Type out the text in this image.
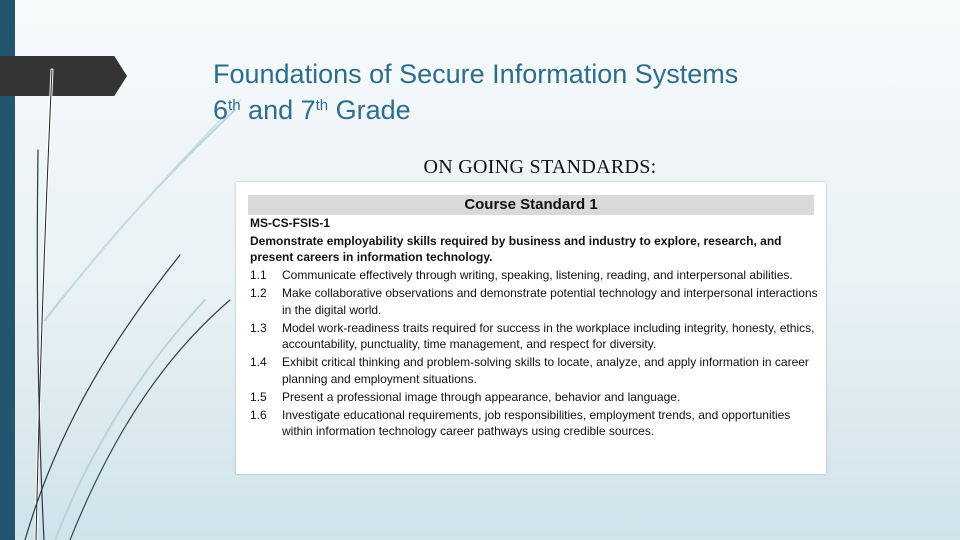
Foundations of Secure Information Systems
6th and 7th Grade
ON GOING STANDARDS:
Course Standard 1
MS-CS-FSIS-1
Demonstrate employability skills required by business and industry to explore, research, and present careers in information technology.
1.1	Communicate effectively through writing, speaking, listening, reading, and interpersonal abilities.
1.2	Make collaborative observations and demonstrate potential technology and interpersonal interactions in the digital world.
1.3	Model work-readiness traits required for success in the workplace including integrity, honesty, ethics, accountability, punctuality, time management, and respect for diversity.
1.4	Exhibit critical thinking and problem-solving skills to locate, analyze, and apply information in career planning and employment situations.
1.5	Present a professional image through appearance, behavior and language.
1.6	Investigate educational requirements, job responsibilities, employment trends, and opportunities within information technology career pathways using credible sources.
